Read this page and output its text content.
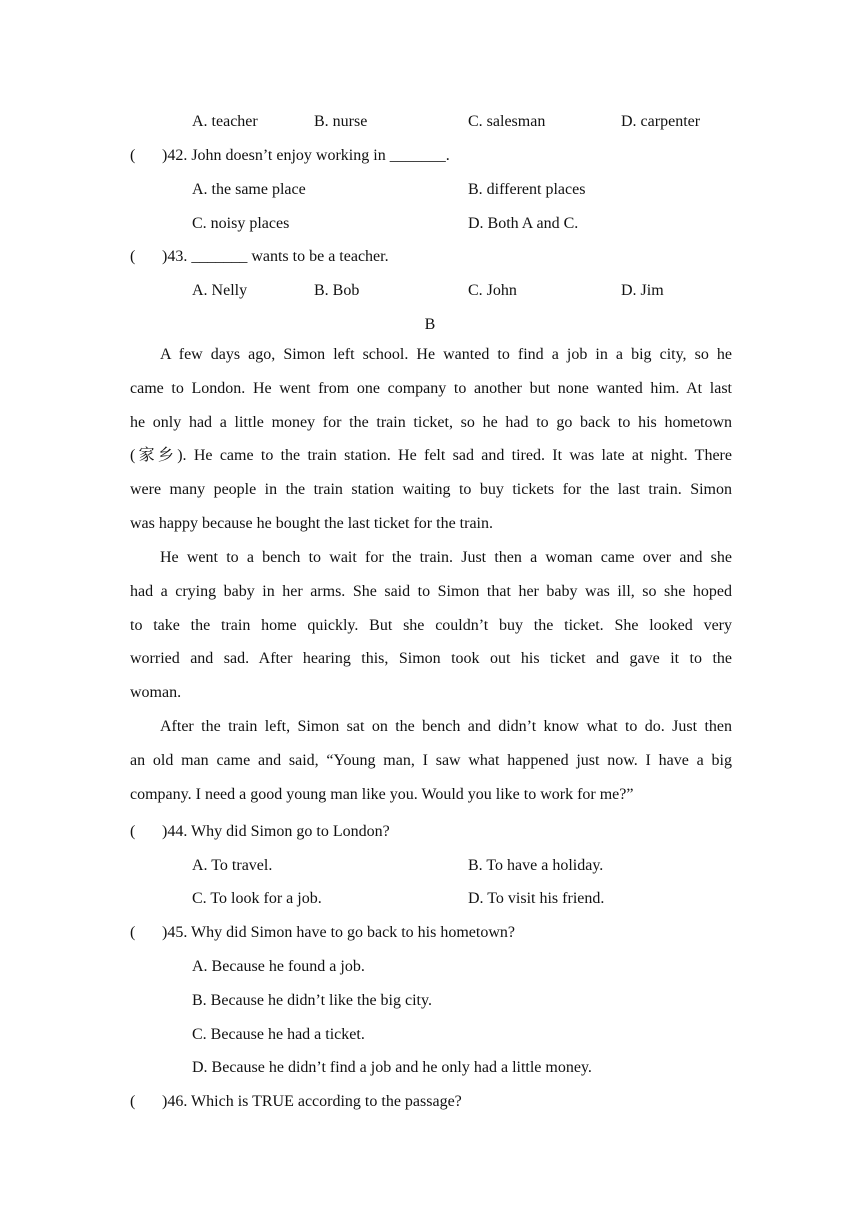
A. teacher	B. nurse	C. salesman	D. carpenter
( )42. John doesn’t enjoy working in _______.
A. the same place	B. different places
C. noisy places	D. Both A and C.
( )43. _______ wants to be a teacher.
A. Nelly	B. Bob	C. John	D. Jim
B
A few days ago, Simon left school. He wanted to find a job in a big city, so he
came to London. He went from one company to another but none wanted him. At last
he only had a little money for the train ticket, so he had to go back to his hometown
(家乡). He came to the train station. He felt sad and tired. It was late at night. There
were many people in the train station waiting to buy tickets for the last train. Simon
was happy because he bought the last ticket for the train.
He went to a bench to wait for the train. Just then a woman came over and she
had a crying baby in her arms. She said to Simon that her baby was ill, so she hoped
to take the train home quickly. But she couldn’t buy the ticket. She looked very
worried and sad. After hearing this, Simon took out his ticket and gave it to the
woman.
After the train left, Simon sat on the bench and didn’t know what to do. Just then
an old man came and said, “Young man, I saw what happened just now. I have a big
company. I need a good young man like you. Would you like to work for me?”
( )44. Why did Simon go to London?
A. To travel.	B. To have a holiday.
C. To look for a job.	D. To visit his friend.
( )45. Why did Simon have to go back to his hometown?
A. Because he found a job.
B. Because he didn’t like the big city.
C. Because he had a ticket.
D. Because he didn’t find a job and he only had a little money.
( )46. Which is TRUE according to the passage?
